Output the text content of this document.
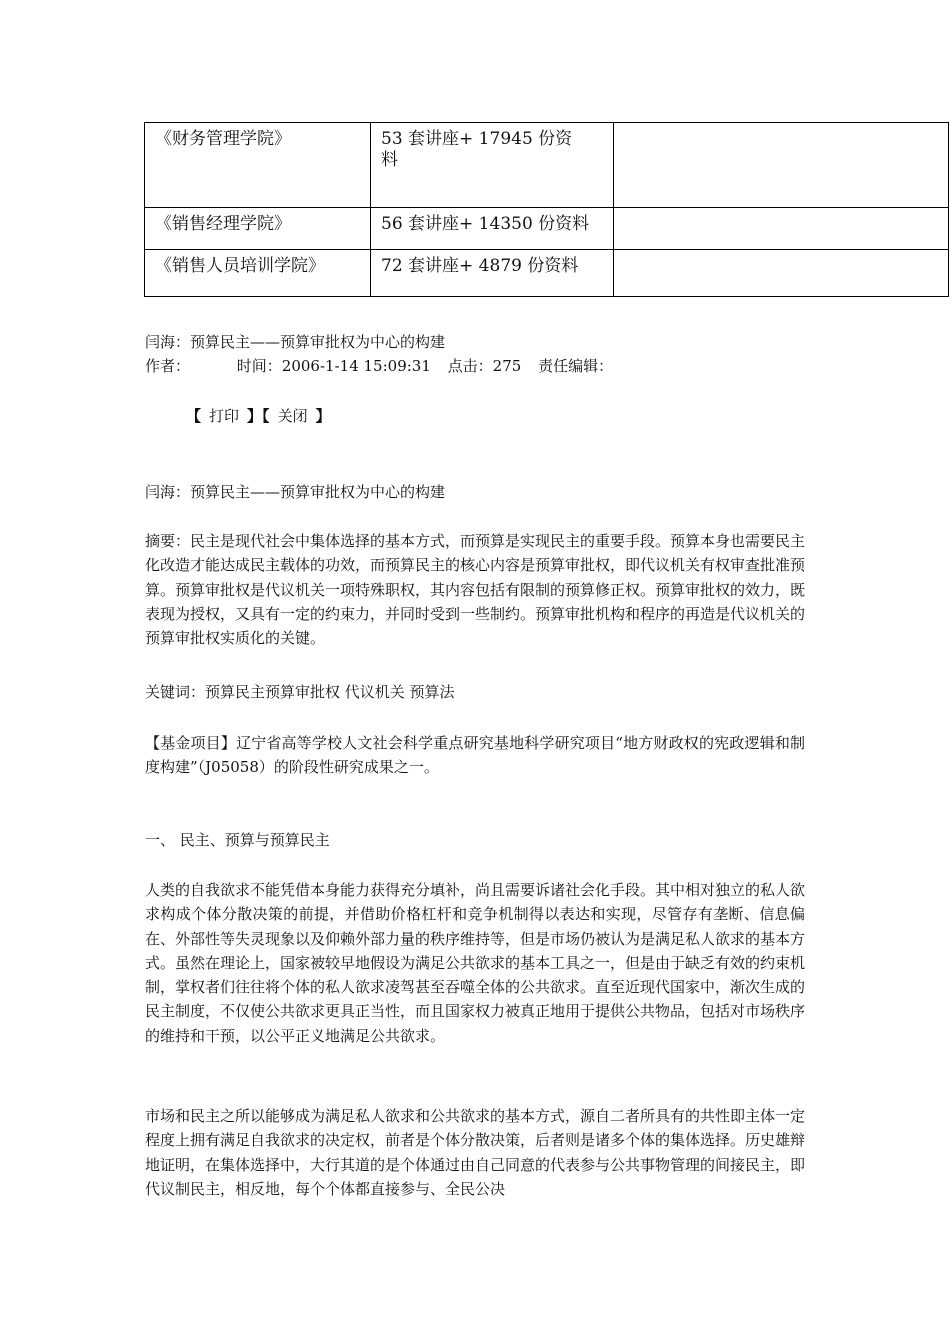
《财务管理学院》	53 套讲座+ 17945 份资
料	

《销售经理学院》	56 套讲座+ 14350 份资料	
《销售人员培训学院》	72 套讲座+ 4879 份资料	
闫海：预算民主——预算审批权为中心的构建
作者：	时间：2006-1-14 15:09:31 点击：275 责任编辑：
【 打印 】【 关闭 】
闫海：预算民主——预算审批权为中心的构建
摘要：民主是现代社会中集体选择的基本方式，而预算是实现民主的重要手段。预算本身也需要民主化改造才能达成民主载体的功效，而预算民主的核心内容是预算审批权，即代议机关有权审查批准预算。预算审批权是代议机关一项特殊职权，其内容包括有限制的预算修正权。预算审批权的效力，既表现为授权，又具有一定的约束力，并同时受到一些制约。预算审批机构和程序的再造是代议机关的预算审批权实质化的关键。
关键词：预算民主预算审批权 代议机关 预算法
【基金项目】辽宁省高等学校人文社会科学重点研究基地科学研究项目“地方财政权的宪政逻辑和制度构建”（J05058）的阶段性研究成果之一。
一、 民主、预算与预算民主
人类的自我欲求不能凭借本身能力获得充分填补，尚且需要诉诸社会化手段。其中相对独立的私人欲求构成个体分散决策的前提，并借助价格杠杆和竞争机制得以表达和实现，尽管存有垄断、信息偏在、外部性等失灵现象以及仰赖外部力量的秩序维持等，但是市场仍被认为是满足私人欲求的基本方式。虽然在理论上，国家被较早地假设为满足公共欲求的基本工具之一，但是由于缺乏有效的约束机制，掌权者们往往将个体的私人欲求凌驾甚至吞噬全体的公共欲求。直至近现代国家中，渐次生成的民主制度，不仅使公共欲求更具正当性，而且国家权力被真正地用于提供公共物品，包括对市场秩序的维持和干预，以公平正义地满足公共欲求。
市场和民主之所以能够成为满足私人欲求和公共欲求的基本方式，源自二者所具有的共性即主体一定程度上拥有满足自我欲求的决定权，前者是个体分散决策，后者则是诸多个体的集体选择。历史雄辩地证明，在集体选择中，大行其道的是个体通过由自己同意的代表参与公共事物管理的间接民主，即代议制民主，相反地，每个个体都直接参与、全民公决
